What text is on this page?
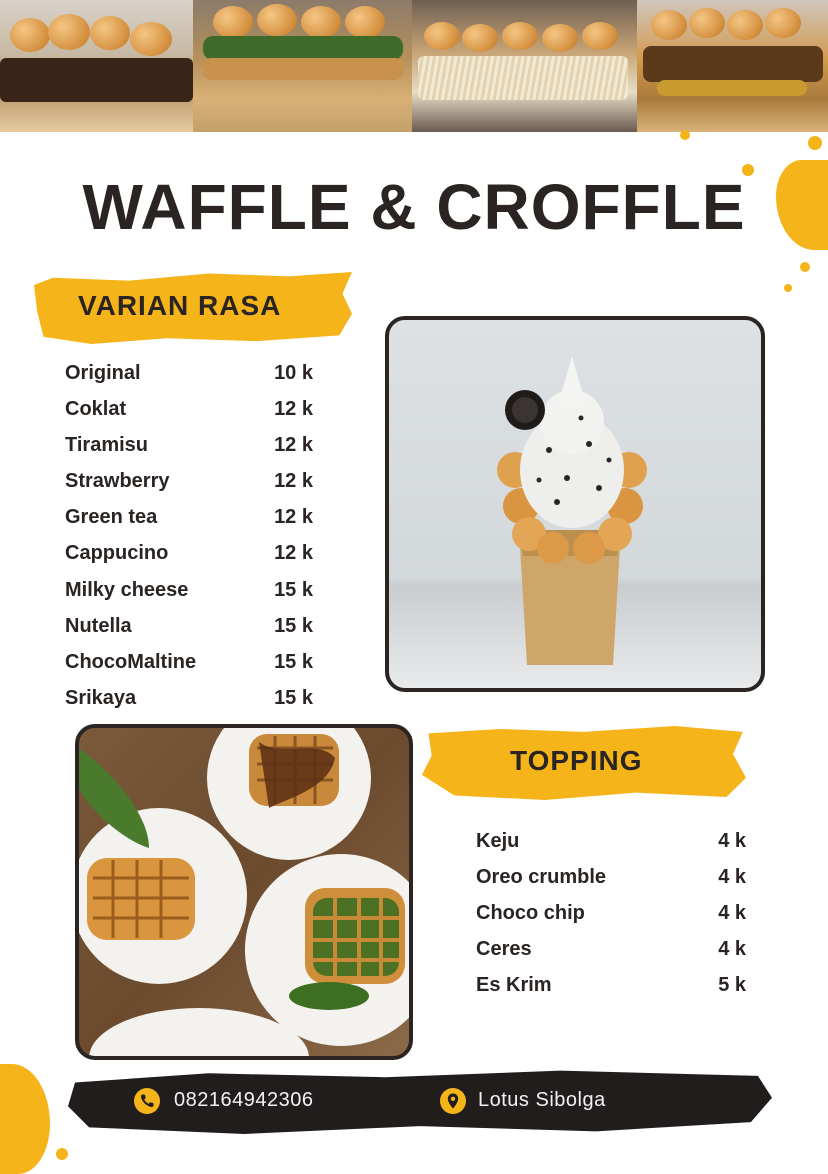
WAFFLE & CROFFLE
VARIAN RASA
Original	10 k
Coklat	12 k
Tiramisu	12 k
Strawberry	12 k
Green tea	12 k
Cappucino	12 k
Milky cheese	15 k
Nutella	15 k
ChocoMaltine	15 k
Srikaya	15 k
TOPPING
Keju	4 k
Oreo crumble	4 k
Choco chip	4 k
Ceres	4 k
Es Krim	5 k
082164942306	Lotus Sibolga
